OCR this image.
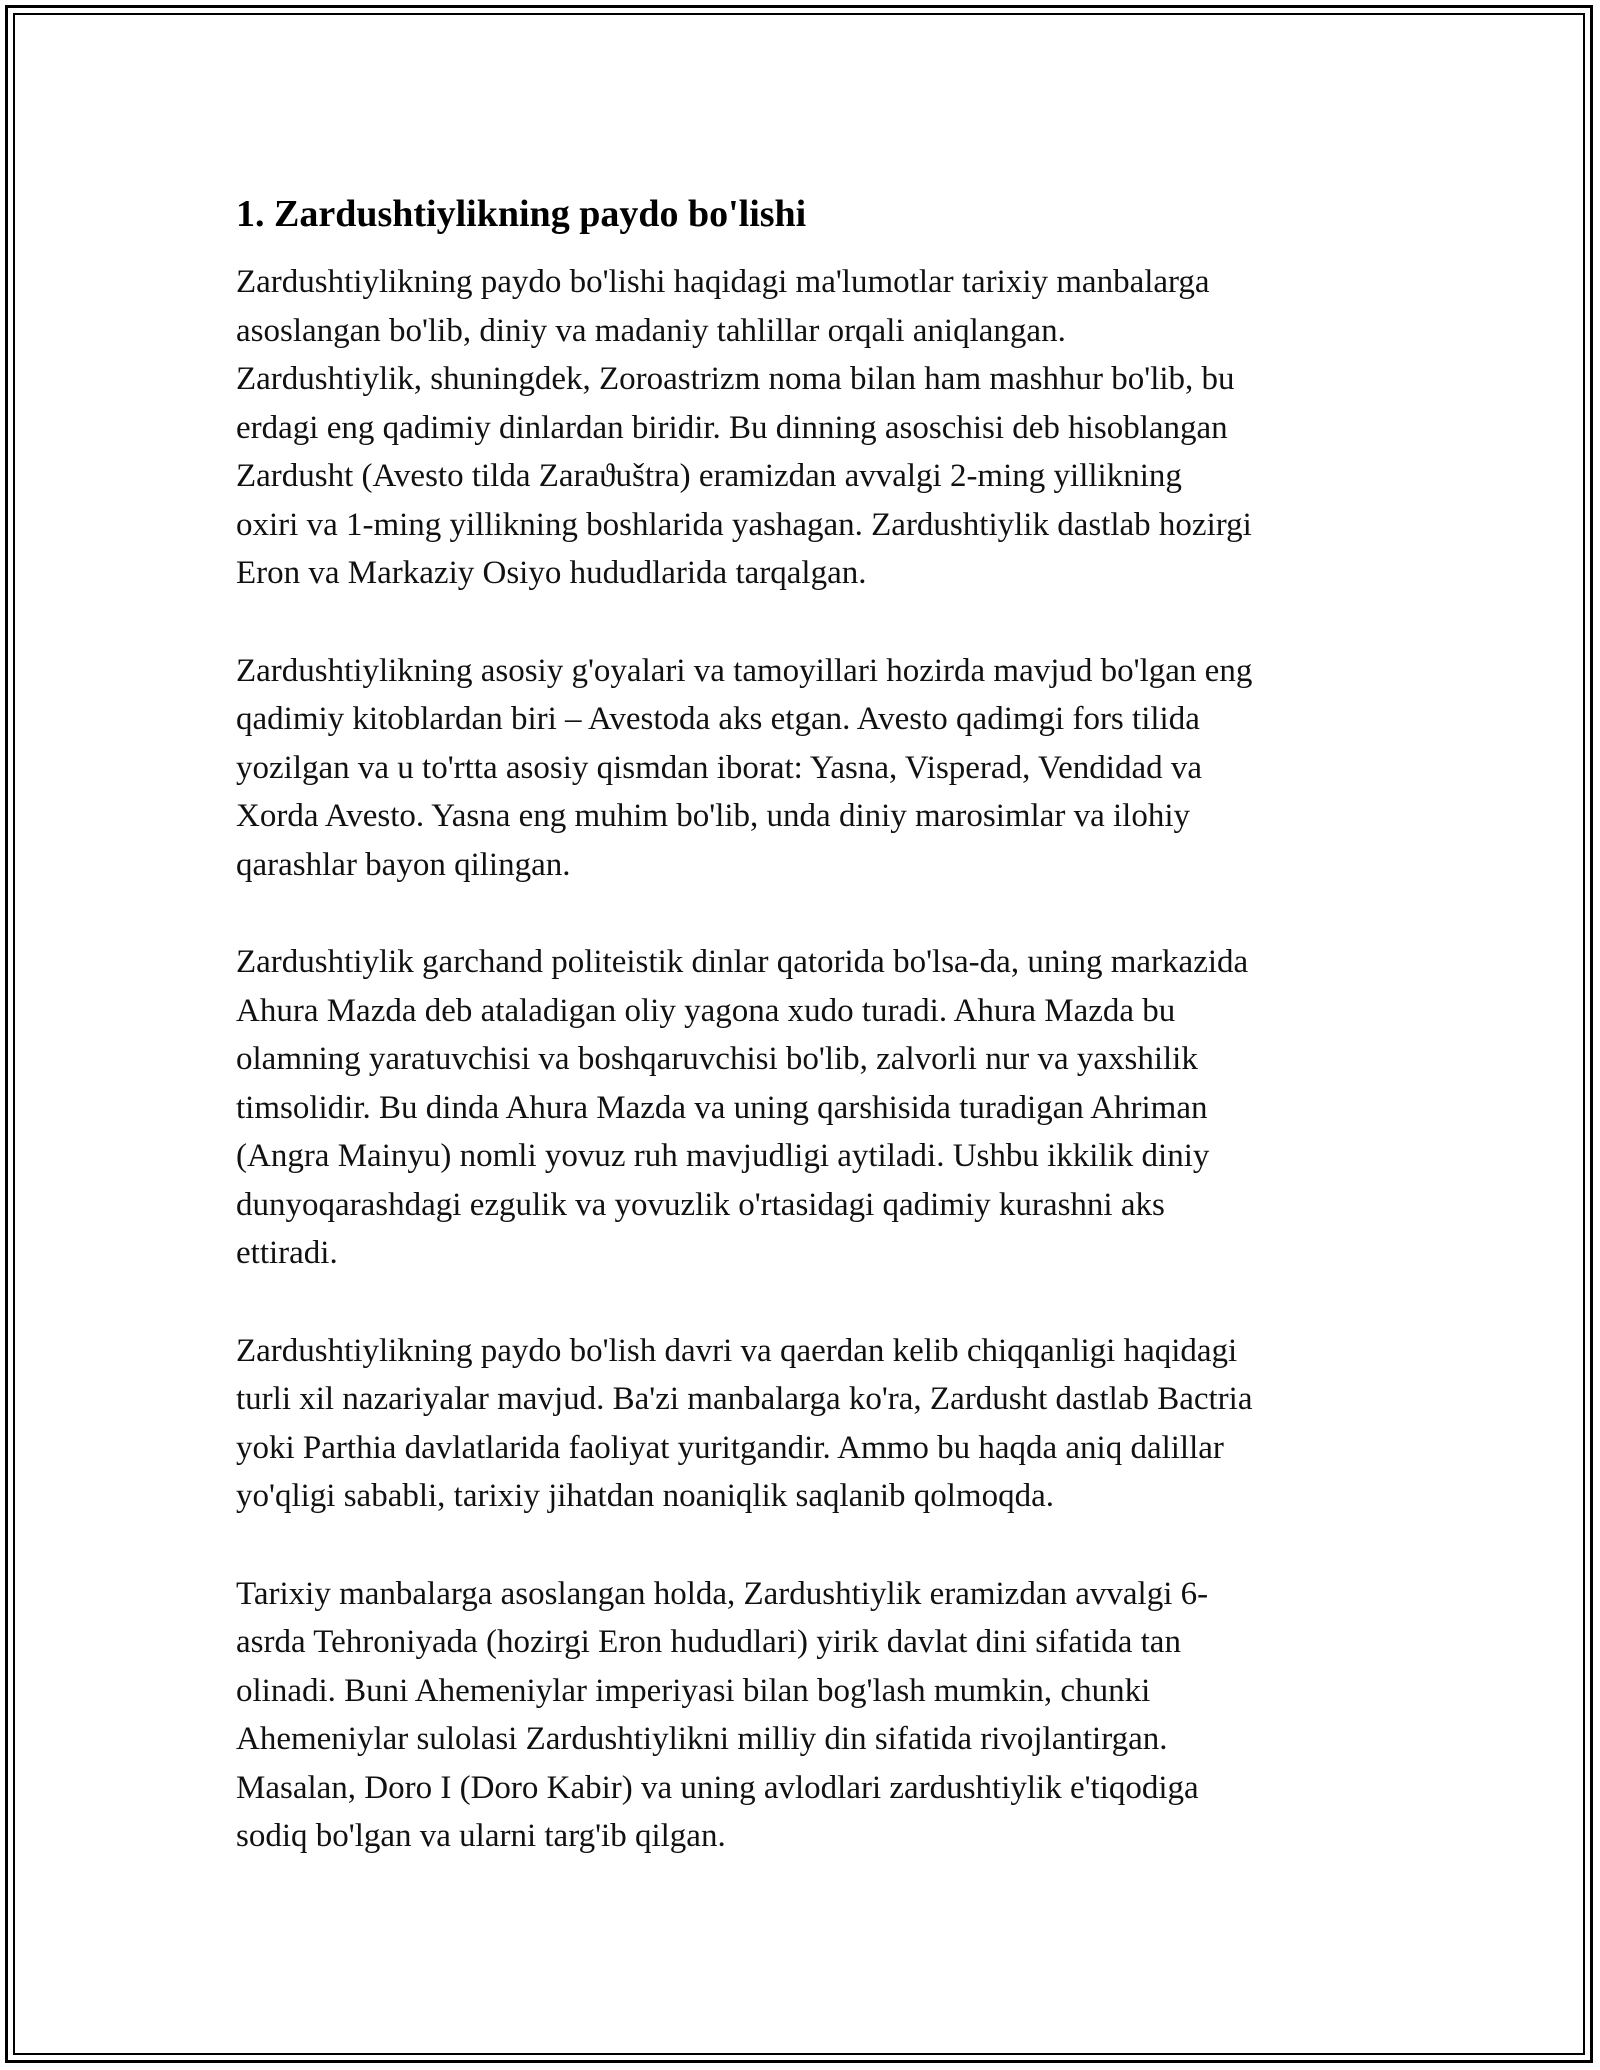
1. Zardushtiylikning paydo bo'lishi

Zardushtiylikning paydo bo'lishi haqidagi ma'lumotlar tarixiy manbalarga
asoslangan bo'lib, diniy va madaniy tahlillar orqali aniqlangan.
Zardushtiylik, shuningdek, Zoroastrizm noma bilan ham mashhur bo'lib, bu
erdagi eng qadimiy dinlardan biridir. Bu dinning asoschisi deb hisoblangan
Zardusht (Avesto tilda Zaraϑuštra) eramizdan avvalgi 2-ming yillikning
oxiri va 1-ming yillikning boshlarida yashagan. Zardushtiylik dastlab hozirgi
Eron va Markaziy Osiyo hududlarida tarqalgan.

Zardushtiylikning asosiy g'oyalari va tamoyillari hozirda mavjud bo'lgan eng
qadimiy kitoblardan biri – Avestoda aks etgan. Avesto qadimgi fors tilida
yozilgan va u to'rtta asosiy qismdan iborat: Yasna, Visperad, Vendidad va
Xorda Avesto. Yasna eng muhim bo'lib, unda diniy marosimlar va ilohiy
qarashlar bayon qilingan.

Zardushtiylik garchand politeistik dinlar qatorida bo'lsa-da, uning markazida
Ahura Mazda deb ataladigan oliy yagona xudo turadi. Ahura Mazda bu
olamning yaratuvchisi va boshqaruvchisi bo'lib, zalvorli nur va yaxshilik
timsolidir. Bu dinda Ahura Mazda va uning qarshisida turadigan Ahriman
(Angra Mainyu) nomli yovuz ruh mavjudligi aytiladi. Ushbu ikkilik diniy
dunyoqarashdagi ezgulik va yovuzlik o'rtasidagi qadimiy kurashni aks
ettiradi.

Zardushtiylikning paydo bo'lish davri va qaerdan kelib chiqqanligi haqidagi
turli xil nazariyalar mavjud. Ba'zi manbalarga ko'ra, Zardusht dastlab Bactria
yoki Parthia davlatlarida faoliyat yuritgandir. Ammo bu haqda aniq dalillar
yo'qligi sababli, tarixiy jihatdan noaniqlik saqlanib qolmoqda.

Tarixiy manbalarga asoslangan holda, Zardushtiylik eramizdan avvalgi 6-
asrda Tehroniyada (hozirgi Eron hududlari) yirik davlat dini sifatida tan
olinadi. Buni Ahemeniylar imperiyasi bilan bog'lash mumkin, chunki
Ahemeniylar sulolasi Zardushtiylikni milliy din sifatida rivojlantirgan.
Masalan, Doro I (Doro Kabir) va uning avlodlari zardushtiylik e'tiqodiga
sodiq bo'lgan va ularni targ'ib qilgan.
